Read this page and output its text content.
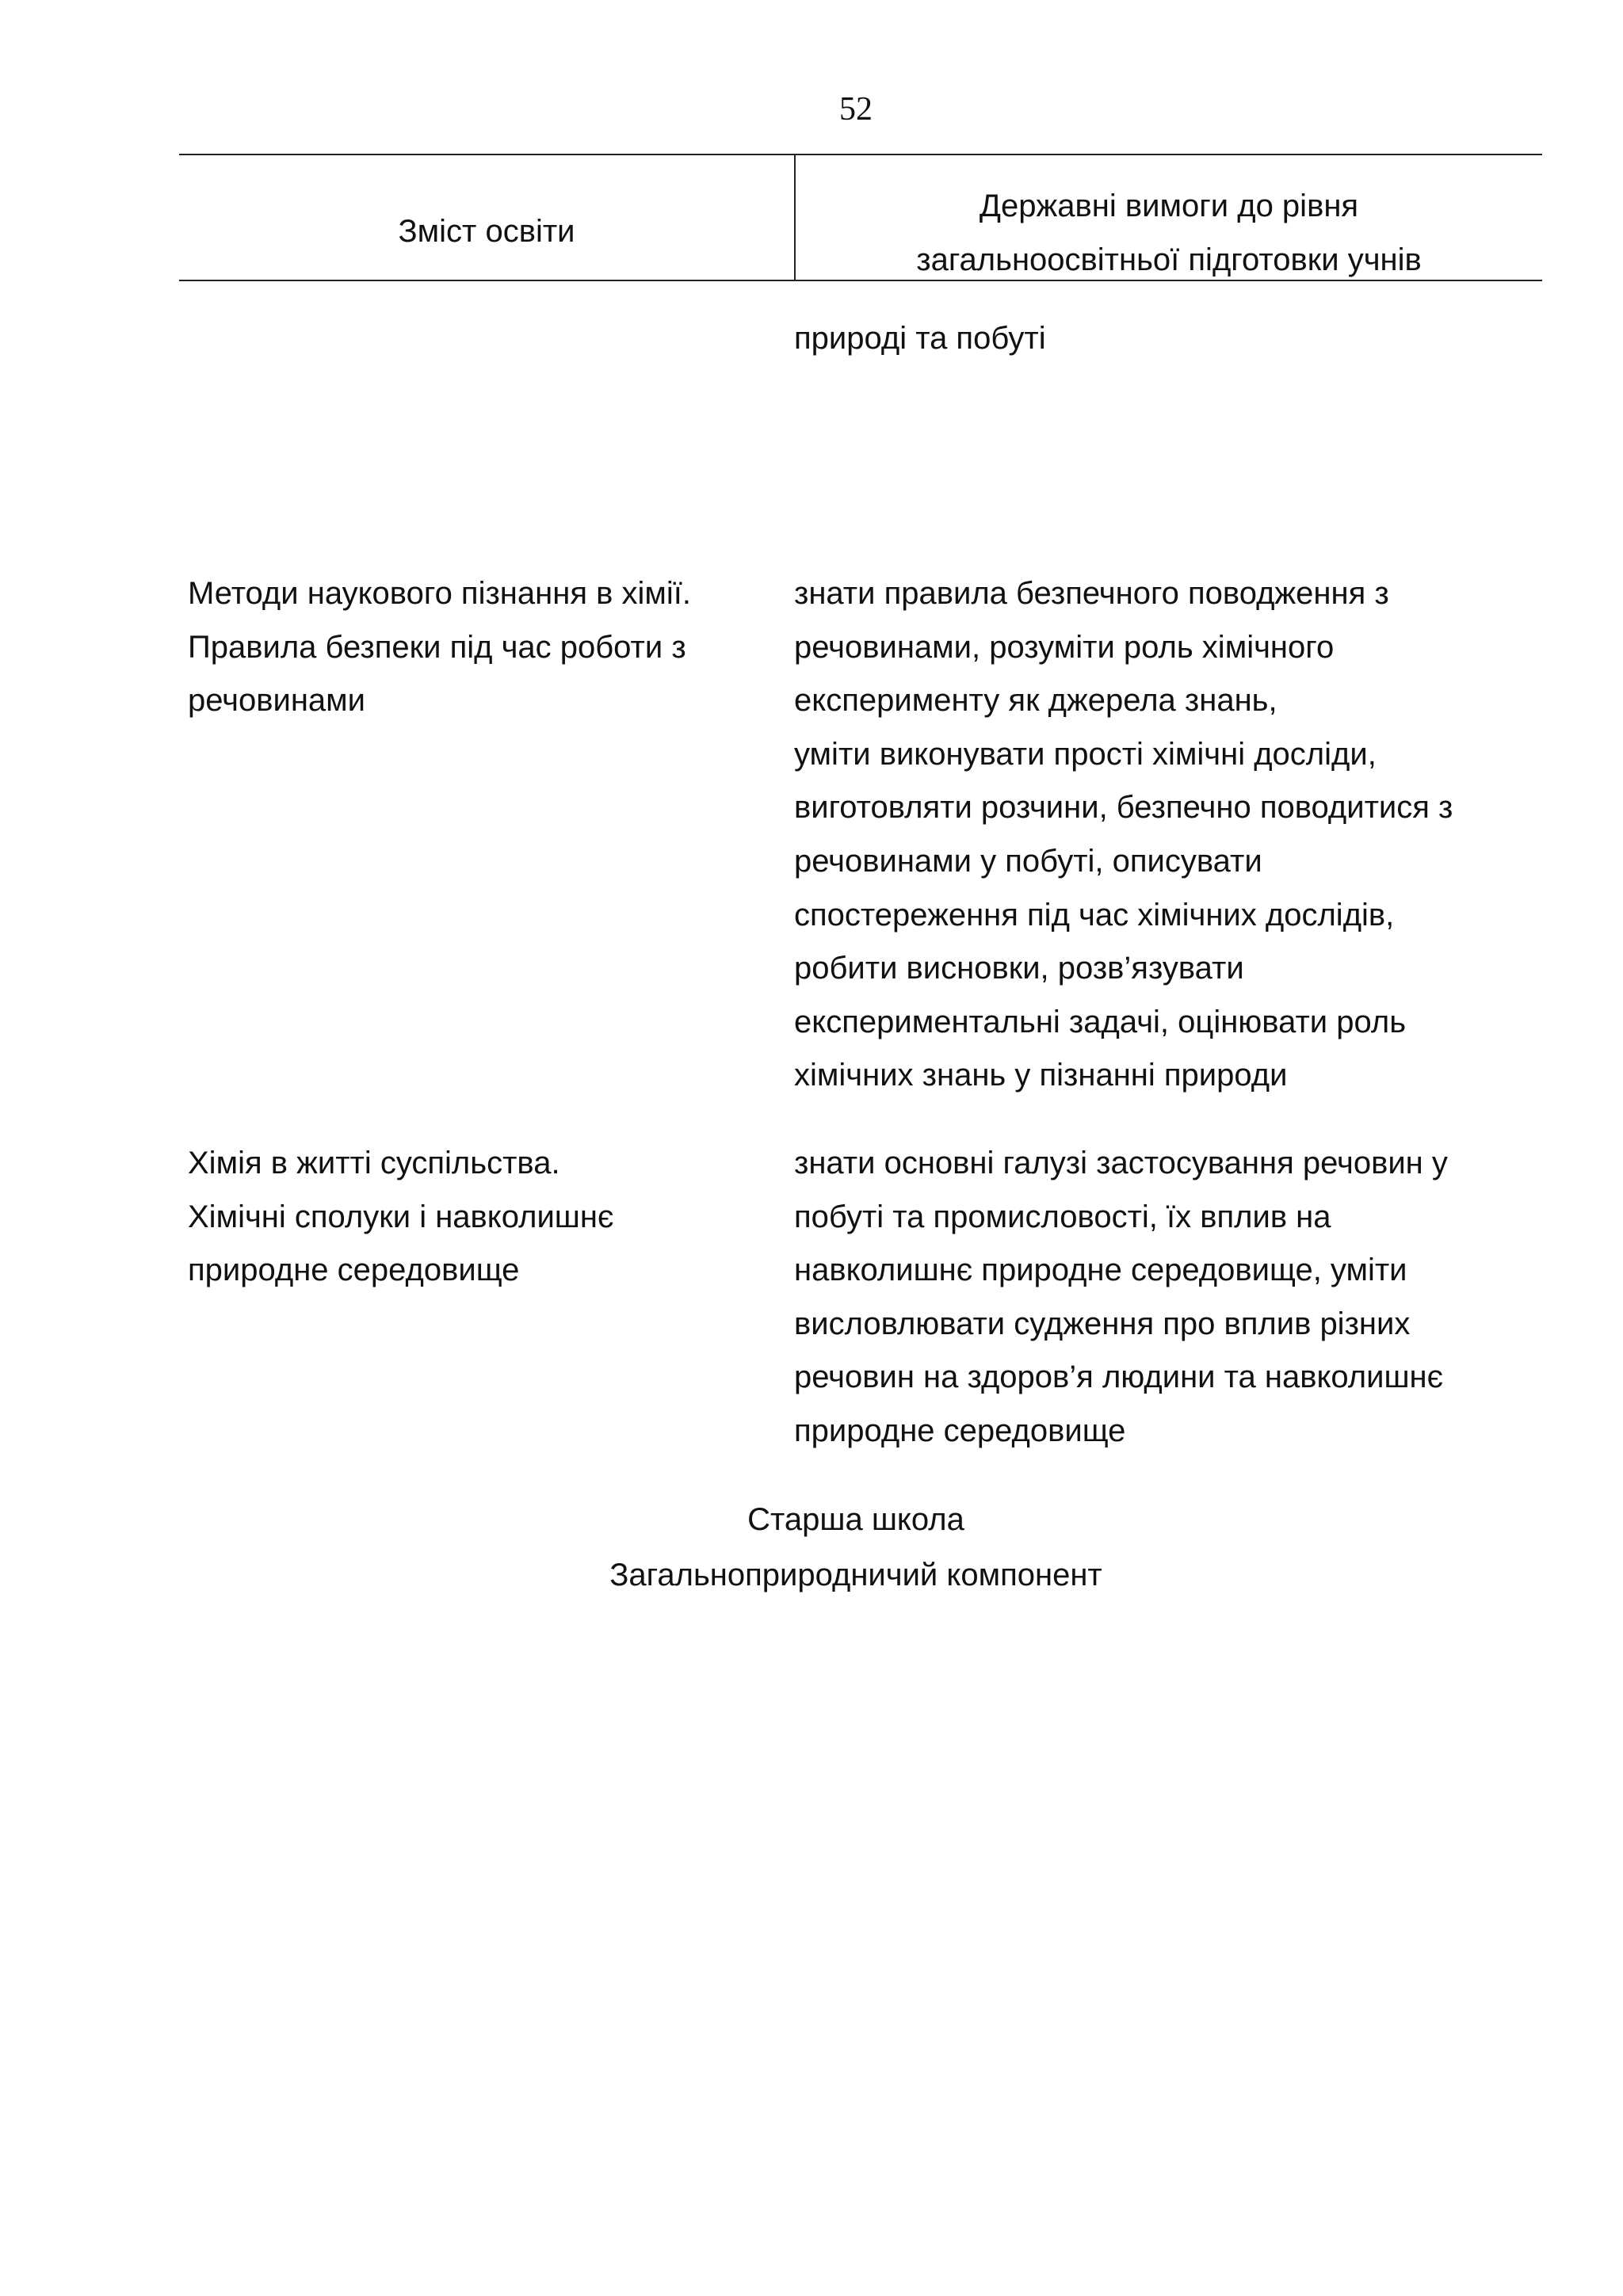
52
Зміст освіти
Державні вимоги до рівня
загальноосвітньої підготовки учнів
природі та побуті
Методи наукового пізнання в хімії.
Правила безпеки під час роботи з
речовинами
знати правила безпечного поводження з
речовинами, розуміти роль хімічного
експерименту як джерела знань,
уміти виконувати прості хімічні досліди,
виготовляти розчини, безпечно поводитися з
речовинами у побуті, описувати
спостереження під час хімічних дослідів,
робити висновки, розв’язувати
експериментальні задачі, оцінювати роль
хімічних знань у пізнанні природи
Хімія в житті суспільства.
Хімічні сполуки і навколишнє
природне середовище
знати основні галузі застосування речовин у
побуті та промисловості, їх вплив на
навколишнє природне середовище, уміти
висловлювати судження про вплив різних
речовин на здоров’я людини та навколишнє
природне середовище
Старша школа
Загальноприродничий компонент
